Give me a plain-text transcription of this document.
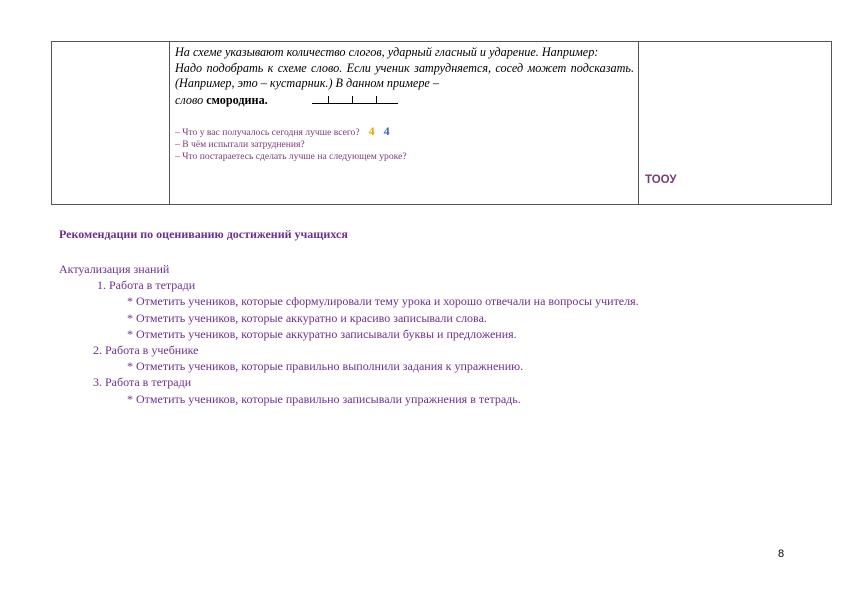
На схеме указывают количество слогов, ударный гласный и ударение. Например:

Надо подобрать к схеме слово. Если ученик затрудняется, сосед может подсказать. (Например, это – кустарник.) В данном примере –

слово смородина.

– Что у вас получалось сегодня лучше всего? 4 4
– В чём испытали затруднения?
– Что постараетесь сделать лучше на следующем уроке?

ТООУ
Рекомендации по оцениванию достижений учащихся
Актуализация знаний
1. Работа в тетради
* Отметить учеников, которые сформулировали тему урока и хорошо отвечали на вопросы учителя.
* Отметить учеников, которые аккуратно и красиво записывали слова.
* Отметить учеников, которые аккуратно записывали буквы и предложения.
2. Работа в учебнике
* Отметить учеников, которые правильно выполнили задания к упражнению.
3. Работа в тетради
* Отметить учеников, которые правильно записывали упражнения в тетрадь.
8
